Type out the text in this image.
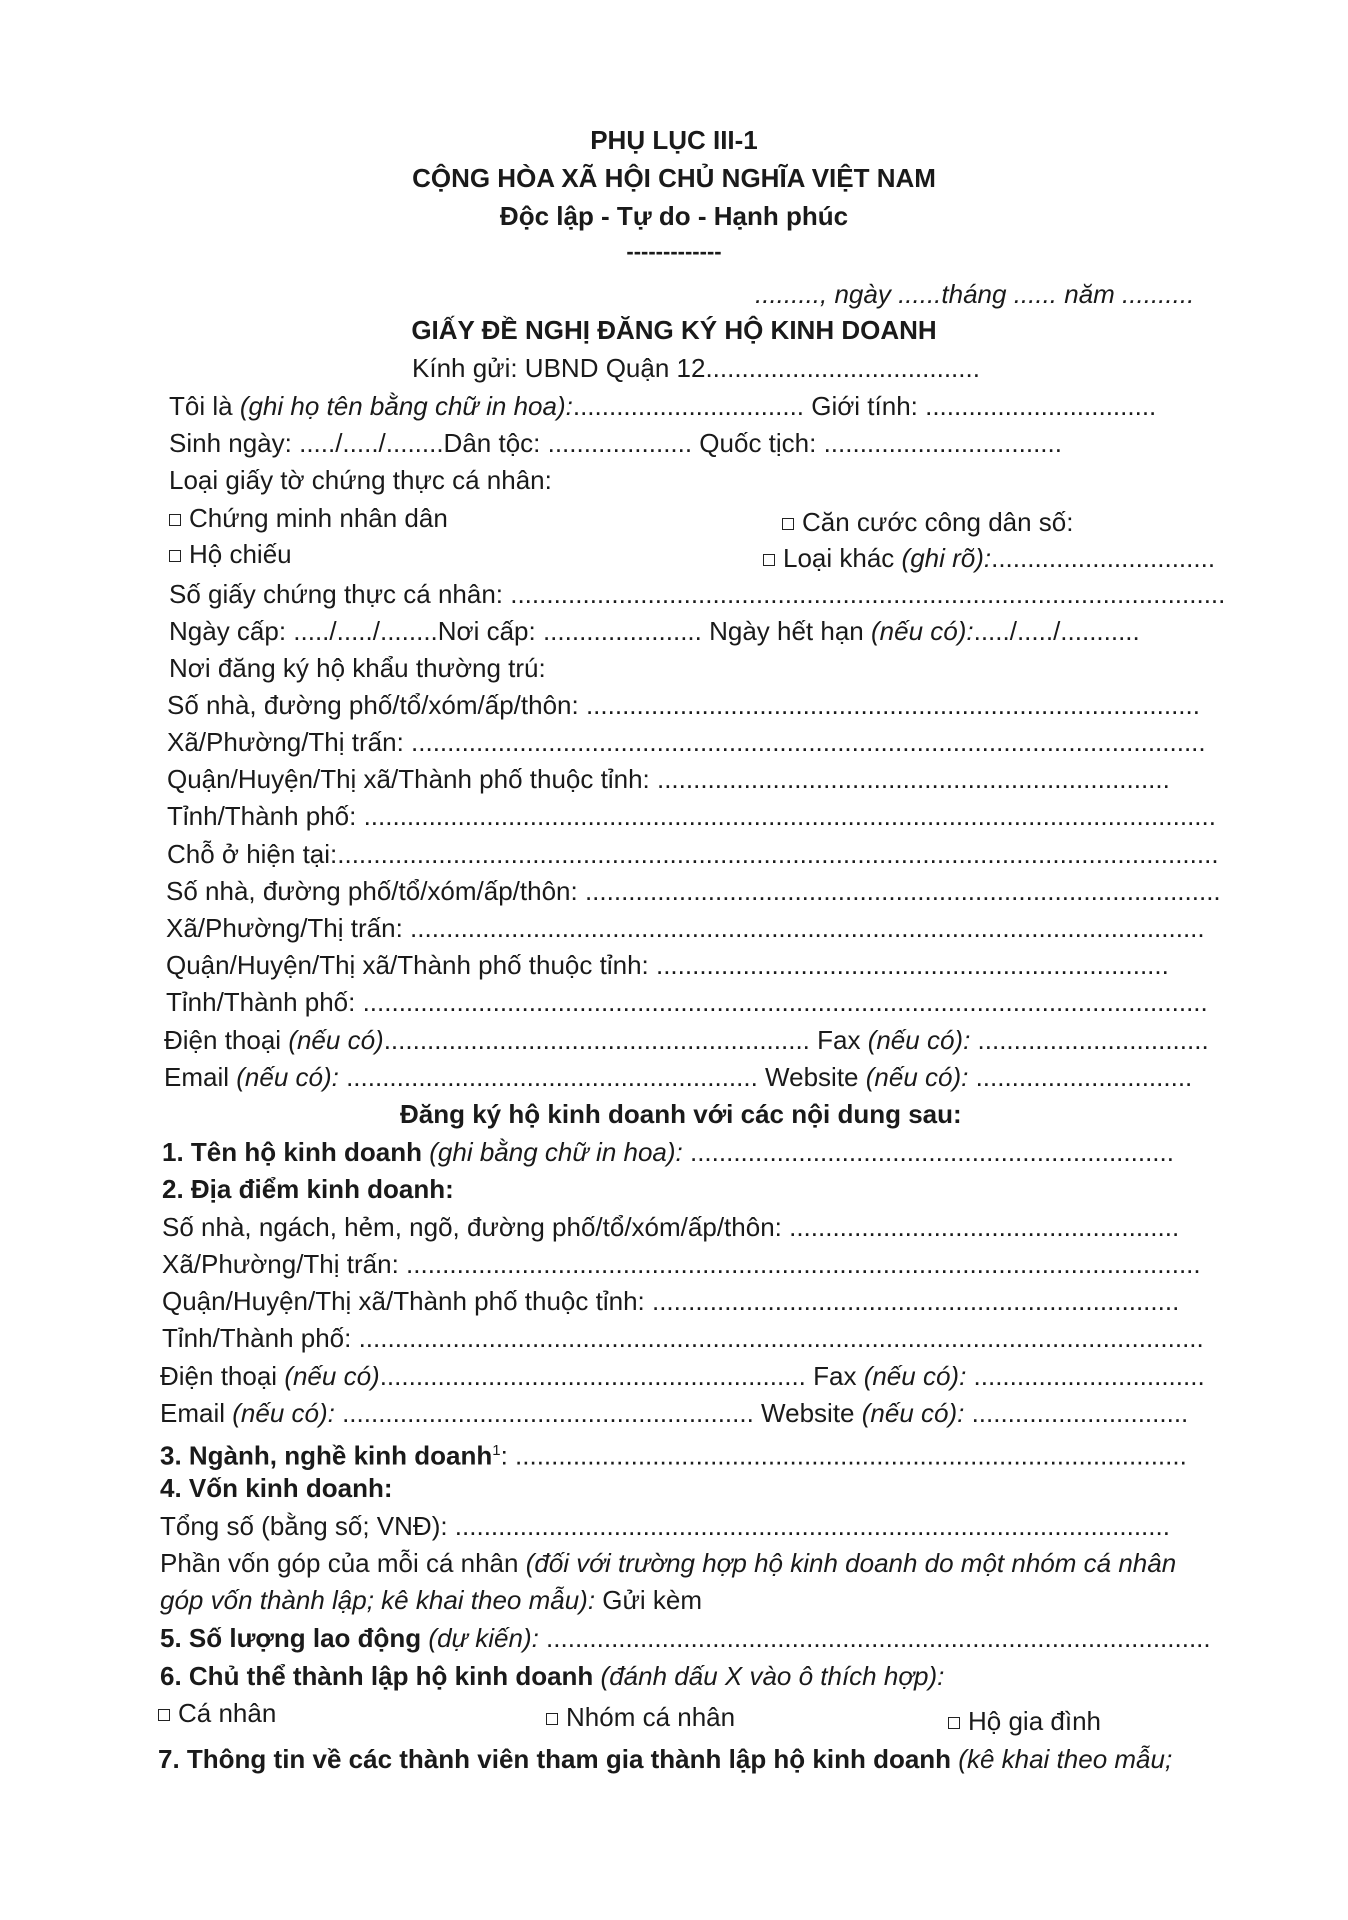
PHỤ LỤC III-1
CỘNG HÒA XÃ HỘI CHỦ NGHĨA VIỆT NAM
Độc lập - Tự do - Hạnh phúc
-------------
........., ngày ......tháng ...... năm ..........
GIẤY ĐỀ NGHỊ ĐĂNG KÝ HỘ KINH DOANH
Kính gửi: UBND Quận 12......................................
Tôi là (ghi họ tên bằng chữ in hoa):................................ Giới tính: ................................
Sinh ngày: ...../...../........Dân tộc: .................... Quốc tịch: .................................
Loại giấy tờ chứng thực cá nhân:
Chứng minh nhân dân	Căn cước công dân số:
Hộ chiếu	Loại khác (ghi rõ):...............................
Số giấy chứng thực cá nhân: ...................................................................................................
Ngày cấp: ...../...../........Nơi cấp: ...................... Ngày hết hạn (nếu có):...../...../...........
Nơi đăng ký hộ khẩu thường trú:
Số nhà, đường phố/tổ/xóm/ấp/thôn: .....................................................................................
Xã/Phường/Thị trấn: ..............................................................................................................
Quận/Huyện/Thị xã/Thành phố thuộc tỉnh: .......................................................................
Tỉnh/Thành phố: ......................................................................................................................
Chỗ ở hiện tại:..........................................................................................................................
Số nhà, đường phố/tổ/xóm/ấp/thôn: ........................................................................................
Xã/Phường/Thị trấn: ..............................................................................................................
Quận/Huyện/Thị xã/Thành phố thuộc tỉnh: .......................................................................
Tỉnh/Thành phố: .....................................................................................................................
Điện thoại (nếu có)........................................................... Fax (nếu có): ................................
Email (nếu có): ......................................................... Website (nếu có): ..............................
Đăng ký hộ kinh doanh với các nội dung sau:
1. Tên hộ kinh doanh (ghi bằng chữ in hoa): ...................................................................
2. Địa điểm kinh doanh:
Số nhà, ngách, hẻm, ngõ, đường phố/tổ/xóm/ấp/thôn: ......................................................
Xã/Phường/Thị trấn: ..............................................................................................................
Quận/Huyện/Thị xã/Thành phố thuộc tỉnh: .........................................................................
Tỉnh/Thành phố: .....................................................................................................................
Điện thoại (nếu có)........................................................... Fax (nếu có): ................................
Email (nếu có): ......................................................... Website (nếu có): ..............................
3. Ngành, nghề kinh doanh$^1$: .............................................................................................
4. Vốn kinh doanh:
Tổng số (bằng số; VNĐ): ...................................................................................................
Phần vốn góp của mỗi cá nhân (đối với trường hợp hộ kinh doanh do một nhóm cá nhân
góp vốn thành lập; kê khai theo mẫu): Gửi kèm
5. Số lượng lao động (dự kiến): ............................................................................................
6. Chủ thể thành lập hộ kinh doanh (đánh dấu X vào ô thích hợp):
Cá nhân	Nhóm cá nhân	Hộ gia đình
7. Thông tin về các thành viên tham gia thành lập hộ kinh doanh (kê khai theo mẫu;
